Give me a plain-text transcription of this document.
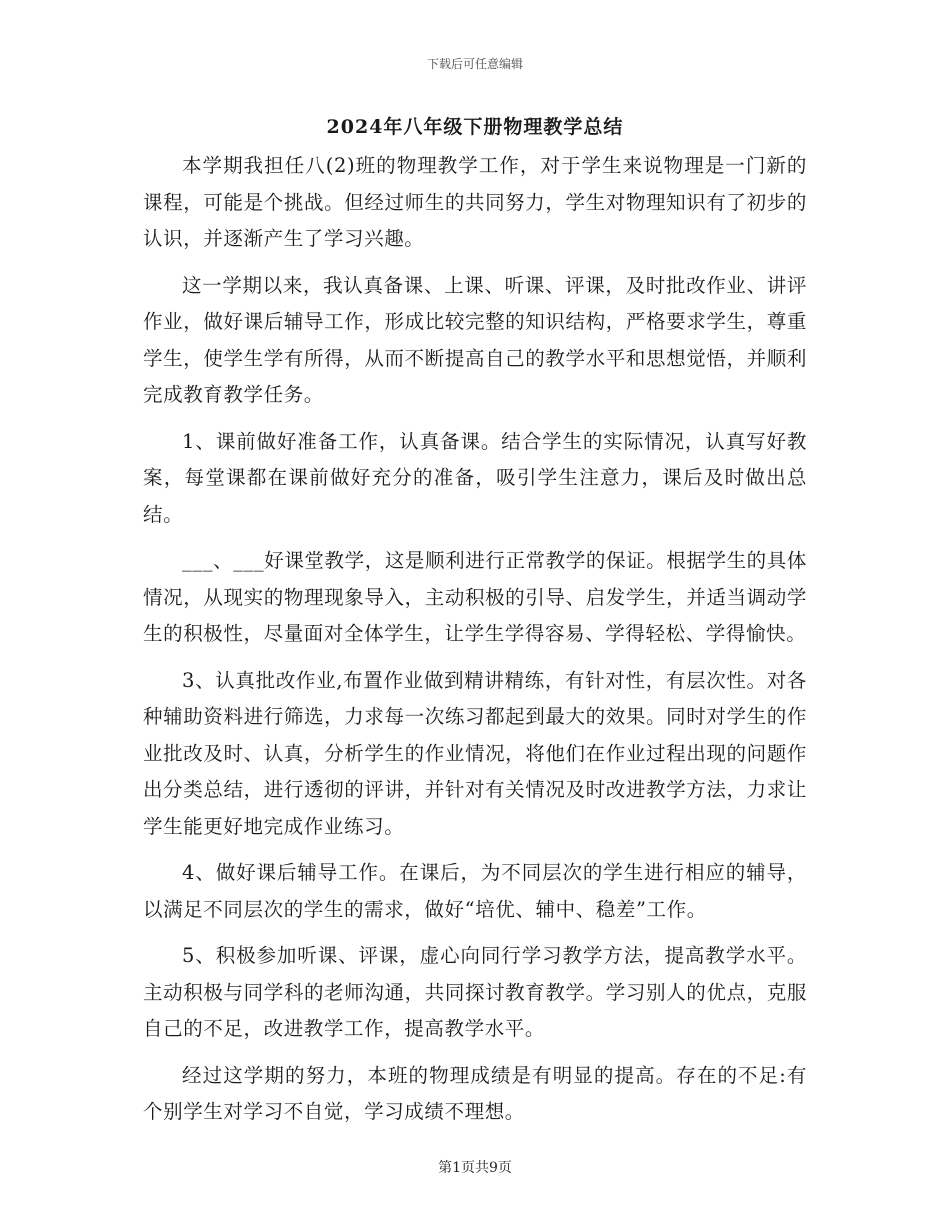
下载后可任意编辑
2024年八年级下册物理教学总结

本学期我担任八(2)班的物理教学工作，对于学生来说物理是一门新的课程，可能是个挑战。但经过师生的共同努力，学生对物理知识有了初步的认识，并逐渐产生了学习兴趣。

这一学期以来，我认真备课、上课、听课、评课，及时批改作业、讲评作业，做好课后辅导工作，形成比较完整的知识结构，严格要求学生，尊重学生，使学生学有所得，从而不断提高自己的教学水平和思想觉悟，并顺利完成教育教学任务。

1、课前做好准备工作，认真备课。结合学生的实际情况，认真写好教案，每堂课都在课前做好充分的准备，吸引学生注意力，课后及时做出总结。

___、___好课堂教学，这是顺利进行正常教学的保证。根据学生的具体情况，从现实的物理现象导入，主动积极的引导、启发学生，并适当调动学生的积极性，尽量面对全体学生，让学生学得容易、学得轻松、学得愉快。

3、认真批改作业,布置作业做到精讲精练，有针对性，有层次性。对各种辅助资料进行筛选，力求每一次练习都起到最大的效果。同时对学生的作业批改及时、认真，分析学生的作业情况，将他们在作业过程出现的问题作出分类总结，进行透彻的评讲，并针对有关情况及时改进教学方法，力求让学生能更好地完成作业练习。

4、做好课后辅导工作。在课后，为不同层次的学生进行相应的辅导，以满足不同层次的学生的需求，做好“培优、辅中、稳差”工作。

5、积极参加听课、评课，虚心向同行学习教学方法，提高教学水平。主动积极与同学科的老师沟通，共同探讨教育教学。学习别人的优点，克服自己的不足，改进教学工作，提高教学水平。

经过这学期的努力，本班的物理成绩是有明显的提高。存在的不足:有个别学生对学习不自觉，学习成绩不理想。

第1页共9页
